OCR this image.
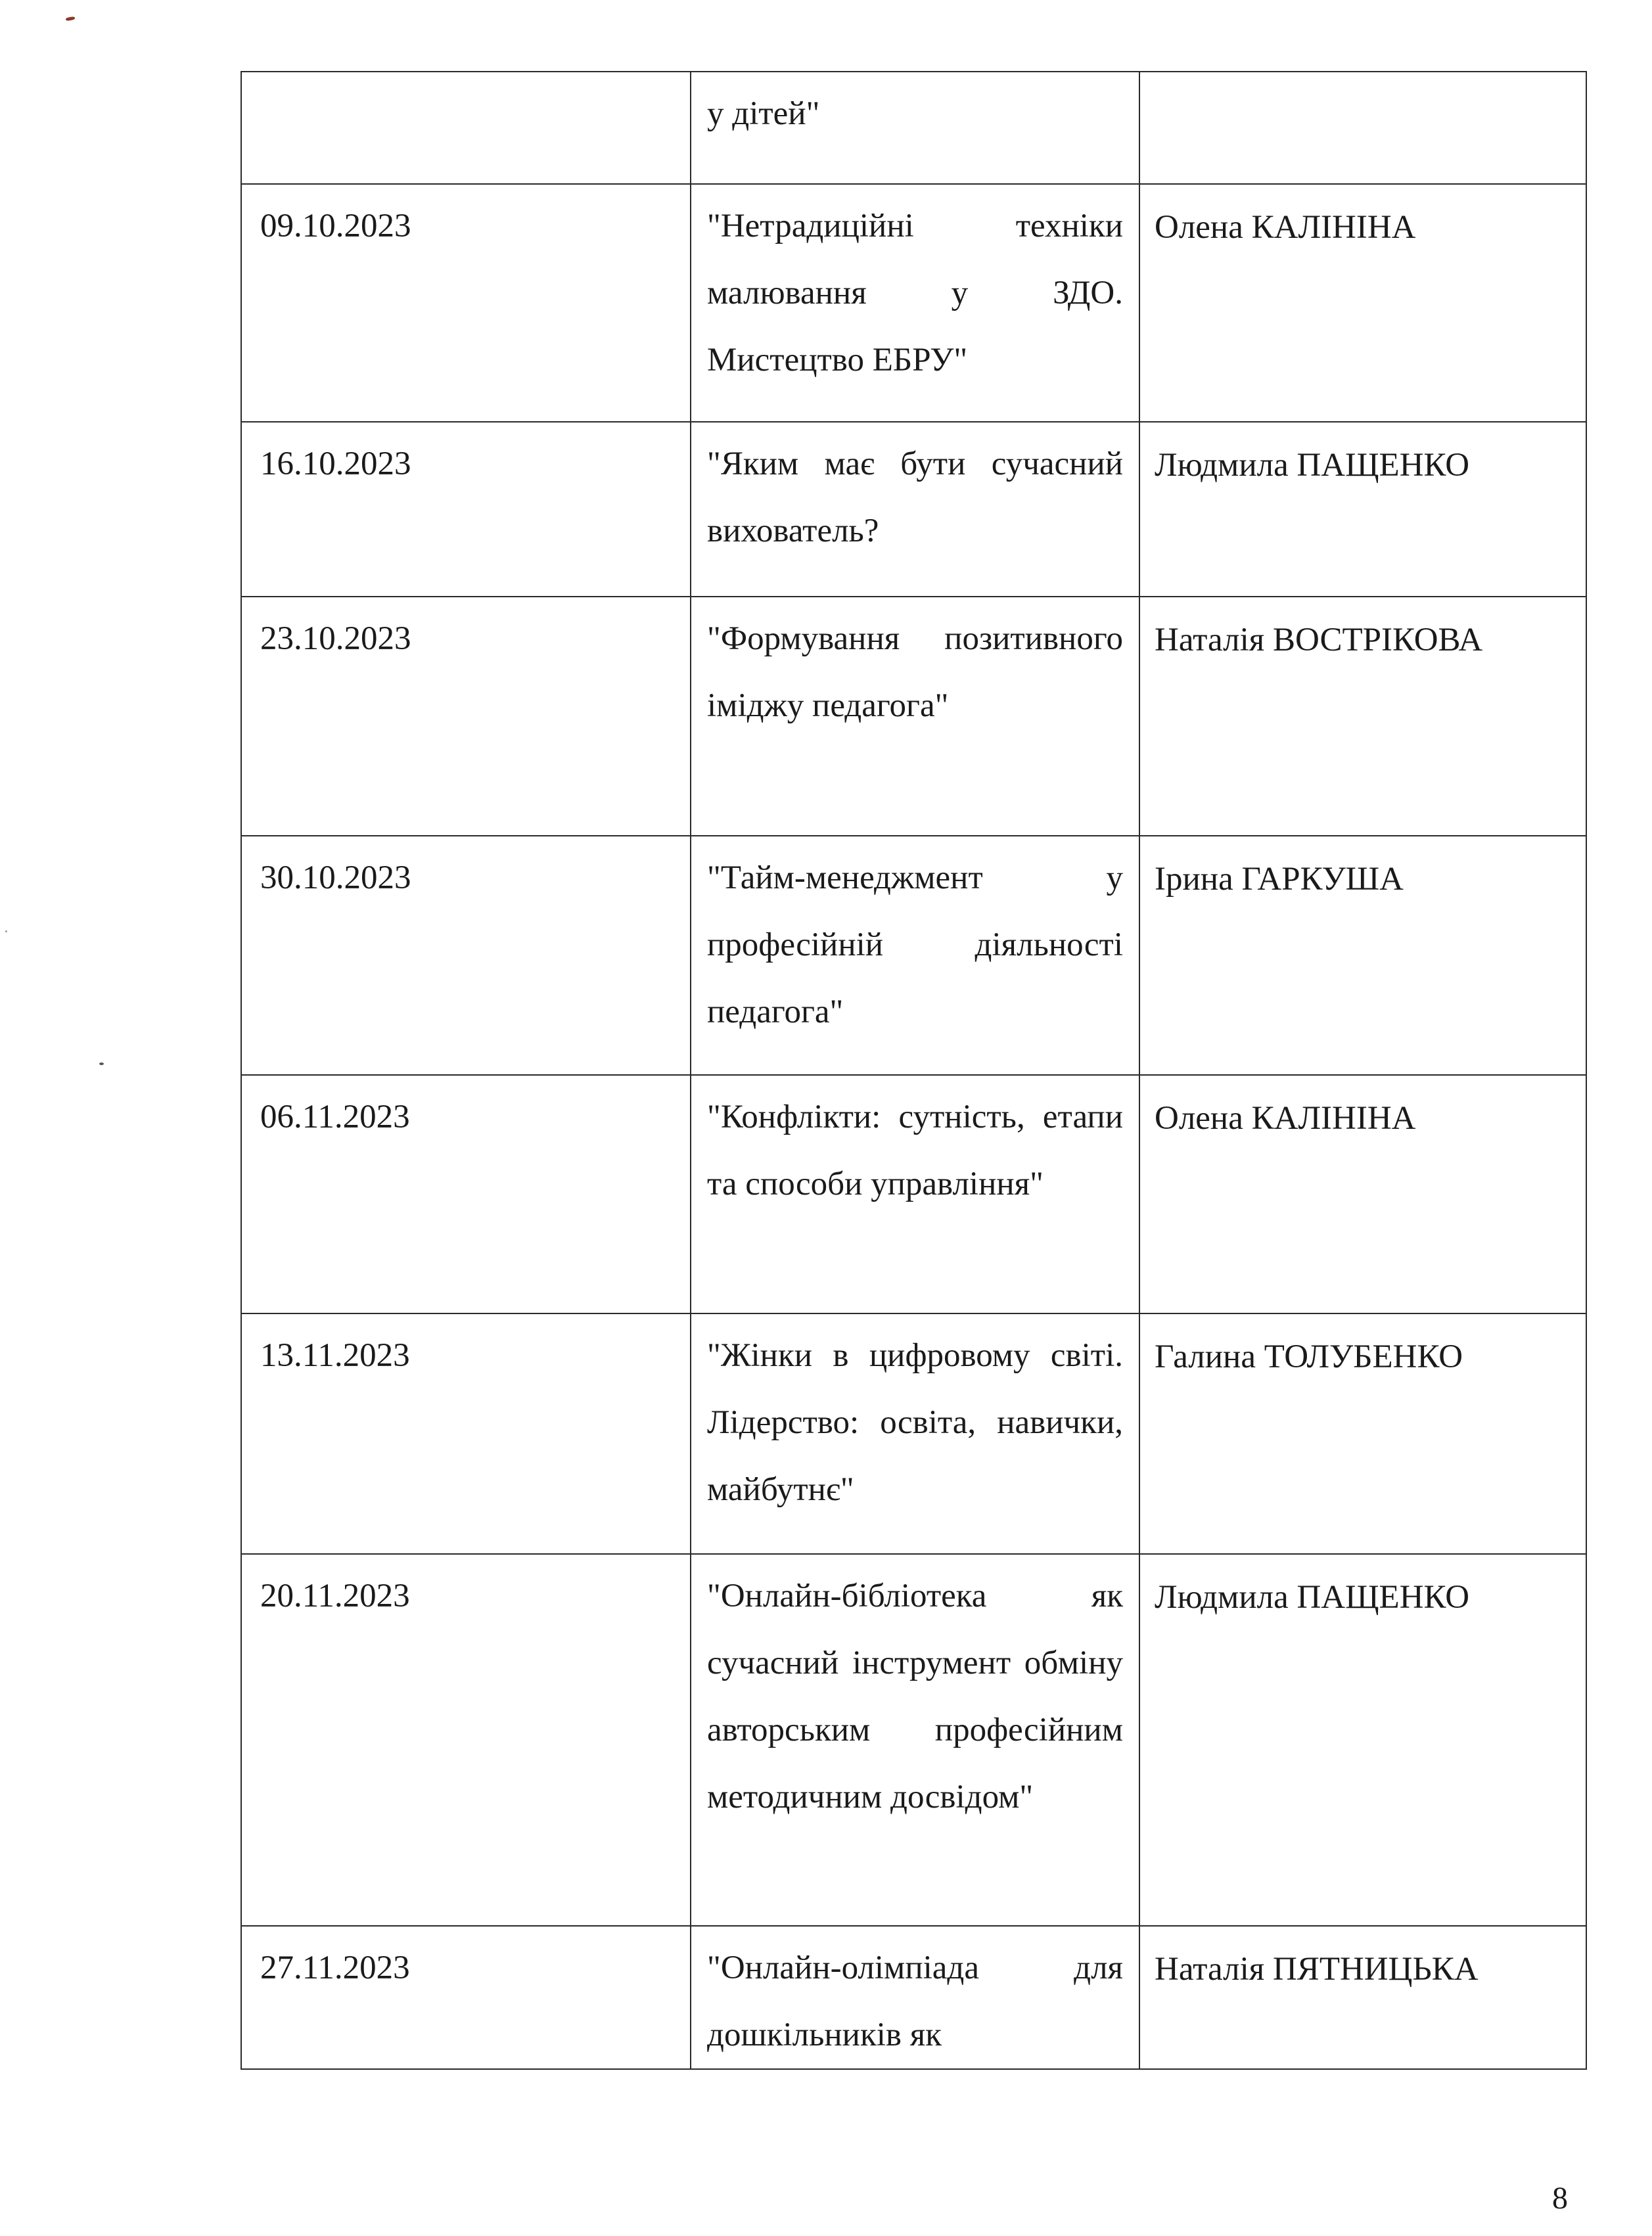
	у дітей"	

09.10.2023	"Нетрадиційні техніки малювання у ЗДО. Мистецтво ЕБРУ"	Олена КАЛІНІНА

16.10.2023	"Яким має бути сучасний вихователь?	Людмила ПАЩЕНКО

23.10.2023	"Формування позитивного іміджу педагога"	Наталія ВОСТРІКОВА

30.10.2023	"Тайм-менеджмент у професійній діяльності педагога"	Ірина ГАРКУША

06.11.2023	"Конфлікти: сутність, етапи та способи управління"	Олена КАЛІНІНА

13.11.2023	"Жінки в цифровому світі. Лідерство: освіта, навички, майбутнє"	Галина ТОЛУБЕНКО

20.11.2023	"Онлайн-бібліотека як сучасний інструмент обміну авторським професійним методичним досвідом"	Людмила ПАЩЕНКО

27.11.2023	"Онлайн-олімпіада для дошкільників як	Наталія ПЯТНИЦЬКА
8
